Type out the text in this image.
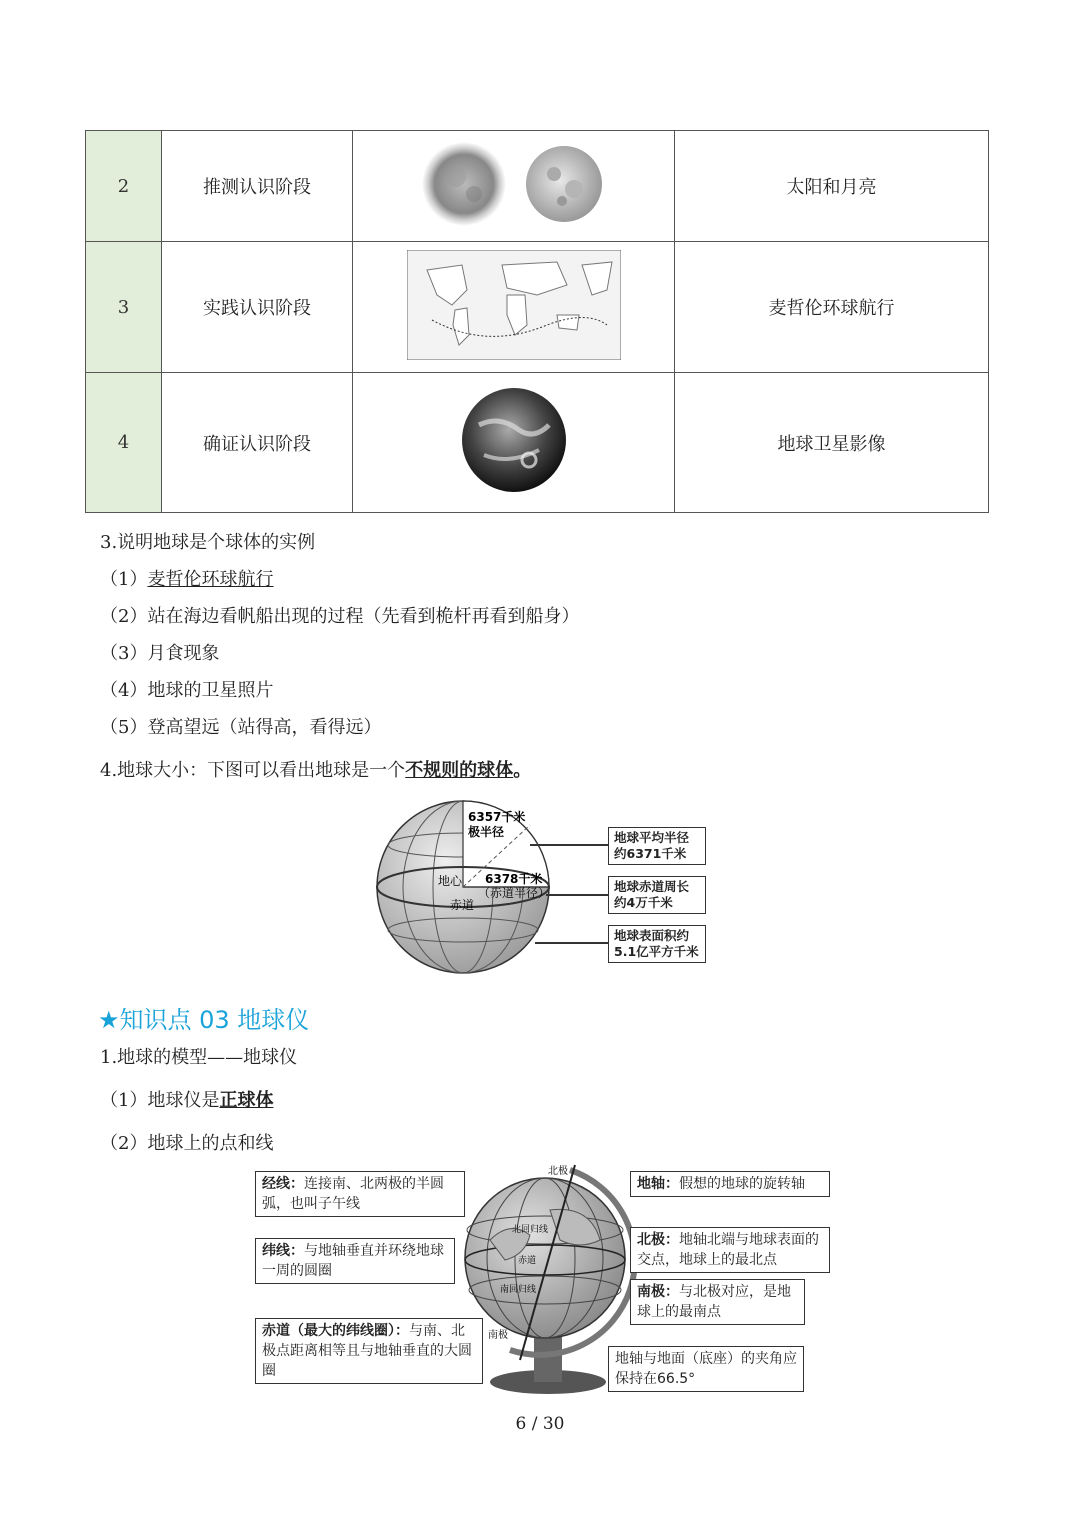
2	推测认识阶段		太阳和月亮
3	实践认识阶段		麦哲伦环球航行
4	确证认识阶段		地球卫星影像
3.说明地球是个球体的实例
（1）麦哲伦环球航行
（2）站在海边看帆船出现的过程（先看到桅杆再看到船身）
（3）月食现象
（4）地球的卫星照片
（5）登高望远（站得高，看得远）
4.地球大小：下图可以看出地球是一个不规则的球体。
6357千米
极半径
6378千米
（赤道半径）
地心
赤道
地球平均半径
约6371千米
地球赤道周长
约4万千米
地球表面积约
5.1亿平方千米
★知识点 03 地球仪
1.地球的模型——地球仪
（1）地球仪是正球体
（2）地球上的点和线
北极
南极
北回归线
赤道
南回归线
经线：连接南、北两极的半圆弧，也叫子午线
纬线：与地轴垂直并环绕地球一周的圆圈
赤道（最大的纬线圈）：与南、北极点距离相等且与地轴垂直的大圆圈
地轴：假想的地球的旋转轴
北极：地轴北端与地球表面的交点，地球上的最北点
南极：与北极对应，是地球上的最南点
地轴与地面（底座）的夹角应保持在66.5°
6 / 30
